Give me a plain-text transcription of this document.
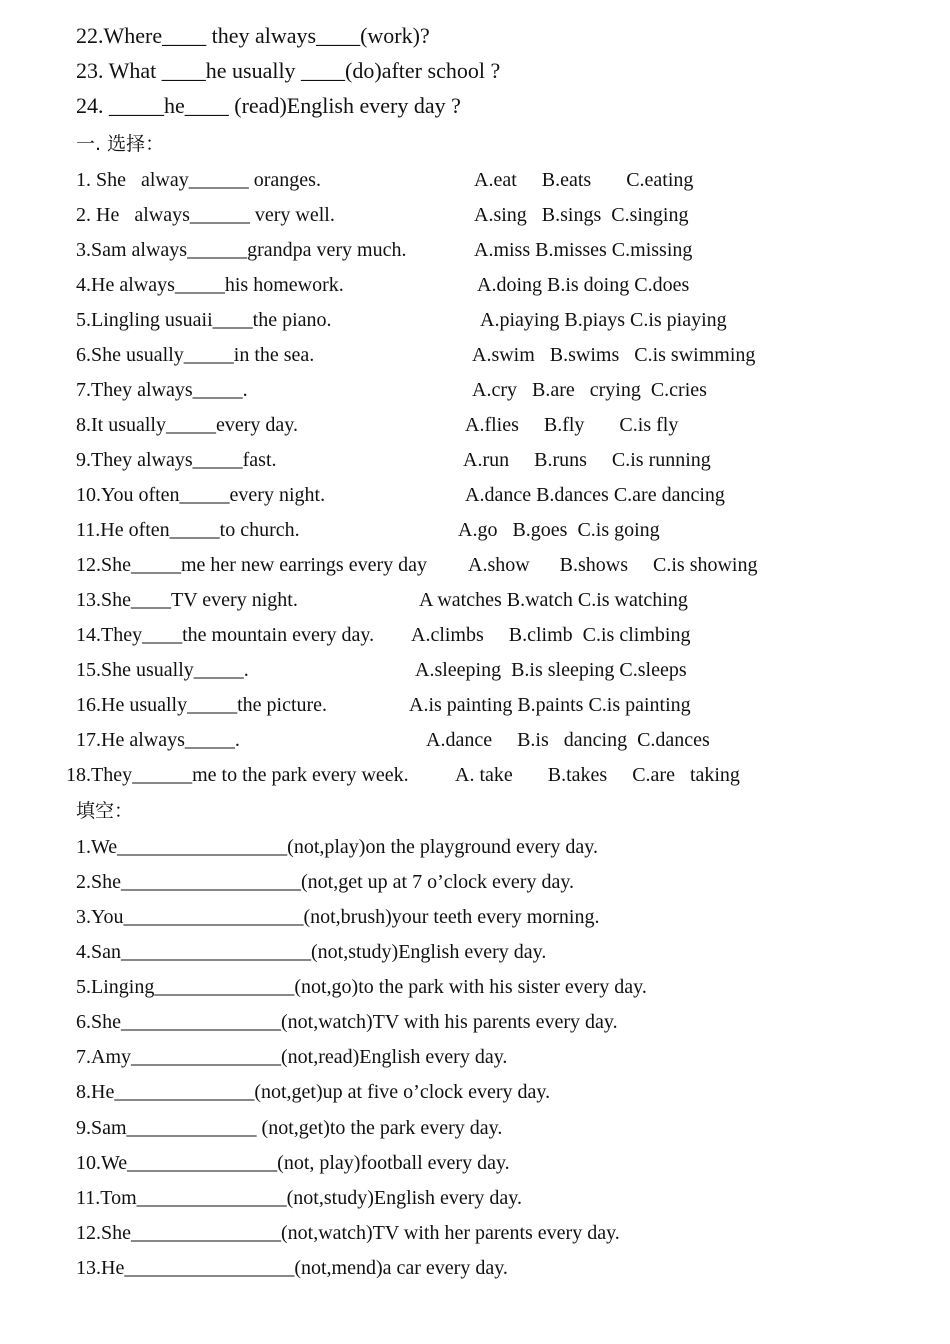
22.Where____ they always____(work)?
23. What ____he usually ____(do)after school ?
24. _____he____ (read)English every day ?
一. 选择：
1. She   alway______ oranges.	A.eat     B.eats       C.eating
2. He   always______ very well.	A.sing   B.sings  C.singing
3.Sam always______grandpa very much.	A.miss B.misses C.missing
4.He always_____his homework.	A.doing B.is doing C.does
5.Lingling usuaii____the piano.	A.piaying B.piays C.is piaying
6.She usually_____in the sea.	A.swim   B.swims   C.is swimming
7.They always_____.	A.cry   B.are   crying  C.cries
8.It usually_____every day.	A.flies     B.fly       C.is fly
9.They always_____fast.	A.run     B.runs     C.is running
10.You often_____every night.	A.dance B.dances C.are dancing
11.He often_____to church.	A.go   B.goes  C.is going
12.She_____me her new earrings every day A.show      B.shows     C.is showing
13.She____TV every night.	A watches B.watch C.is watching
14.They____the mountain every day. A.climbs     B.climb  C.is climbing
15.She usually_____.	A.sleeping  B.is sleeping C.sleeps
16.He usually_____the picture.	A.is painting B.paints C.is painting
17.He always_____.	A.dance     B.is   dancing  C.dances
18.They______me to the park every week. A. take       B.takes     C.are   taking
填空：
1.We_________________(not,play)on the playground every day.
2.She__________________(not,get up at 7 o’clock every day.
3.You__________________(not,brush)your teeth every morning.
4.San___________________(not,study)English every day.
5.Linging______________(not,go)to the park with his sister every day.
6.She________________(not,watch)TV with his parents every day.
7.Amy_______________(not,read)English every day.
8.He______________(not,get)up at five o’clock every day.
9.Sam_____________ (not,get)to the park every day.
10.We_______________(not, play)football every day.
11.Tom_______________(not,study)English every day.
12.She_______________(not,watch)TV with her parents every day.
13.He_________________(not,mend)a car every day.
